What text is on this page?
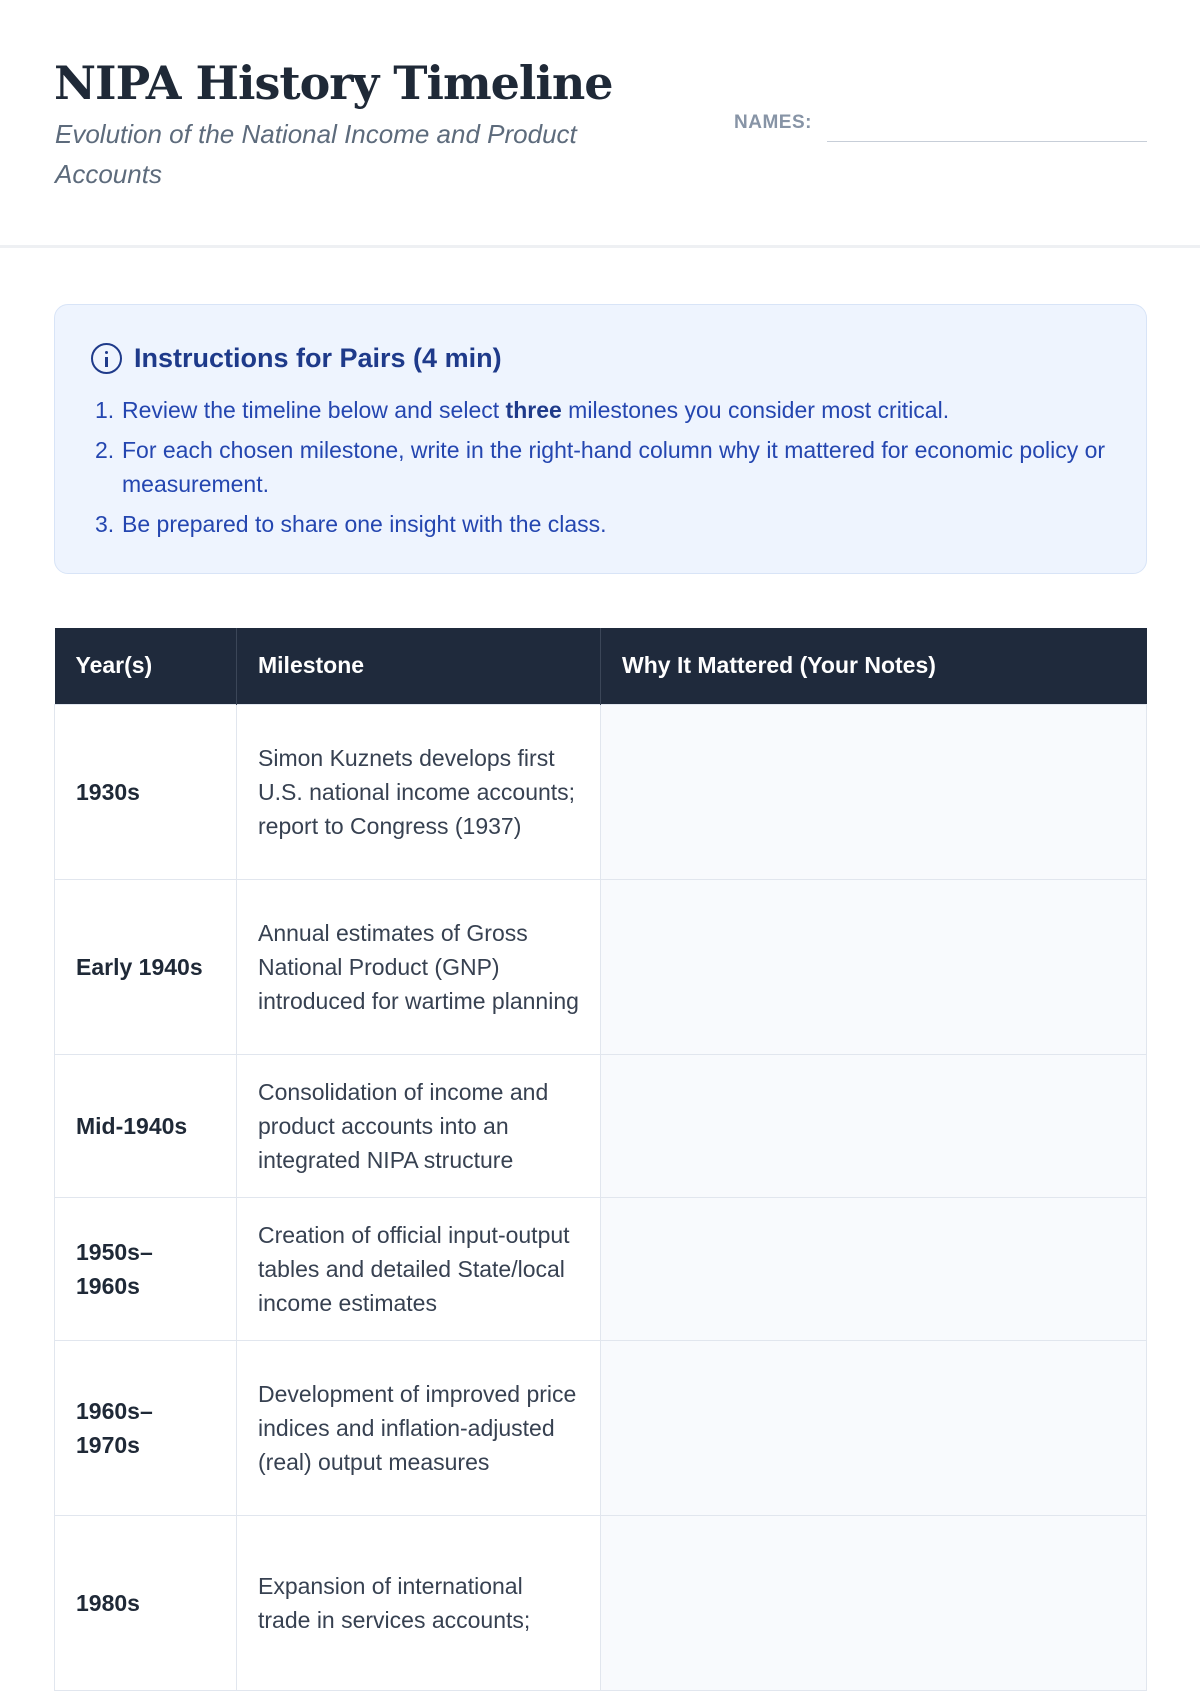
NIPA History Timeline
Evolution of the National Income and Product Accounts
NAMES:
Instructions for Pairs (4 min)
1. Review the timeline below and select three milestones you consider most critical.
2. For each chosen milestone, write in the right-hand column why it mattered for economic policy or measurement.
3. Be prepared to share one insight with the class.
Year(s)	Milestone	Why It Mattered (Your Notes)
1930s	Simon Kuznets develops first U.S. national income accounts; report to Congress (1937)	
Early 1940s	Annual estimates of Gross National Product (GNP) introduced for wartime planning	
Mid-1940s	Consolidation of income and product accounts into an integrated NIPA structure	
1950s–1960s	Creation of official input-output tables and detailed State/local income estimates	
1960s–1970s	Development of improved price indices and inflation-adjusted (real) output measures	
1980s	Expansion of international trade in services accounts;	
